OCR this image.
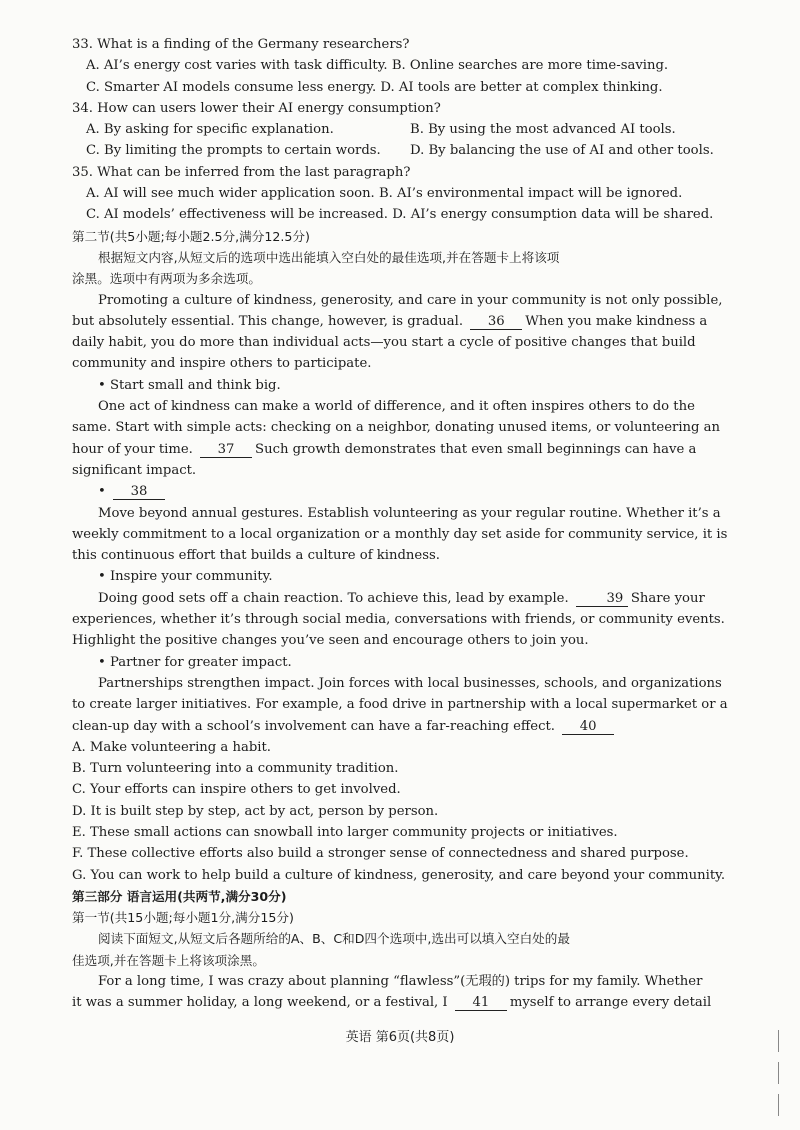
33. What is a finding of the Germany researchers?

A. AI’s energy cost varies with task difficulty. B. Online searches are more time-saving.

C. Smarter AI models consume less energy. D. AI tools are better at complex thinking.

34. How can users lower their AI energy consumption?

A. By asking for specific explanation.	B. By using the most advanced AI tools.

C. By limiting the prompts to certain words.	D. By balancing the use of AI and other tools.

35. What can be inferred from the last paragraph?

A. AI will see much wider application soon. B. AI’s environmental impact will be ignored.

C. AI models’ effectiveness will be increased. D. AI’s energy consumption data will be shared.

第二节(共5小题;每小题2.5分,满分12.5分)

根据短文内容,从短文后的选项中选出能填入空白处的最佳选项,并在答题卡上将该项

涂黑。选项中有两项为多余选项。

Promoting a culture of kindness, generosity, and care in your community is not only possible,

but absolutely essential. This change, however, is gradual. 36 When you make kindness a

daily habit, you do more than individual acts—you start a cycle of positive changes that build

community and inspire others to participate.

• Start small and think big.

One act of kindness can make a world of difference, and it often inspires others to do the

same. Start with simple acts: checking on a neighbor, donating unused items, or volunteering an

hour of your time. 37 Such growth demonstrates that even small beginnings can have a

significant impact.

• 38

Move beyond annual gestures. Establish volunteering as your regular routine. Whether it’s a

weekly commitment to a local organization or a monthly day set aside for community service, it is

this continuous effort that builds a culture of kindness.

• Inspire your community.

Doing good sets off a chain reaction. To achieve this, lead by example.	39 Share your

experiences, whether it’s through social media, conversations with friends, or community events.

Highlight the positive changes you’ve seen and encourage others to join you.

• Partner for greater impact.

Partnerships strengthen impact. Join forces with local businesses, schools, and organizations

to create larger initiatives. For example, a food drive in partnership with a local supermarket or a

clean-up day with a school’s involvement can have a far-reaching effect. 40

A. Make volunteering a habit.

B. Turn volunteering into a community tradition.

C. Your efforts can inspire others to get involved.

D. It is built step by step, act by act, person by person.

E. These small actions can snowball into larger community projects or initiatives.

F. These collective efforts also build a stronger sense of connectedness and shared purpose.

G. You can work to help build a culture of kindness, generosity, and care beyond your community.

第三部分 语言运用(共两节,满分30分)

第一节(共15小题;每小题1分,满分15分)

阅读下面短文,从短文后各题所给的A、B、C和D四个选项中,选出可以填入空白处的最

佳选项,并在答题卡上将该项涂黑。

For a long time, I was crazy about planning “flawless”(无瑕的) trips for my family. Whether

it was a summer holiday, a long weekend, or a festival, I 41 myself to arrange every detail

英语 第6页(共8页)
